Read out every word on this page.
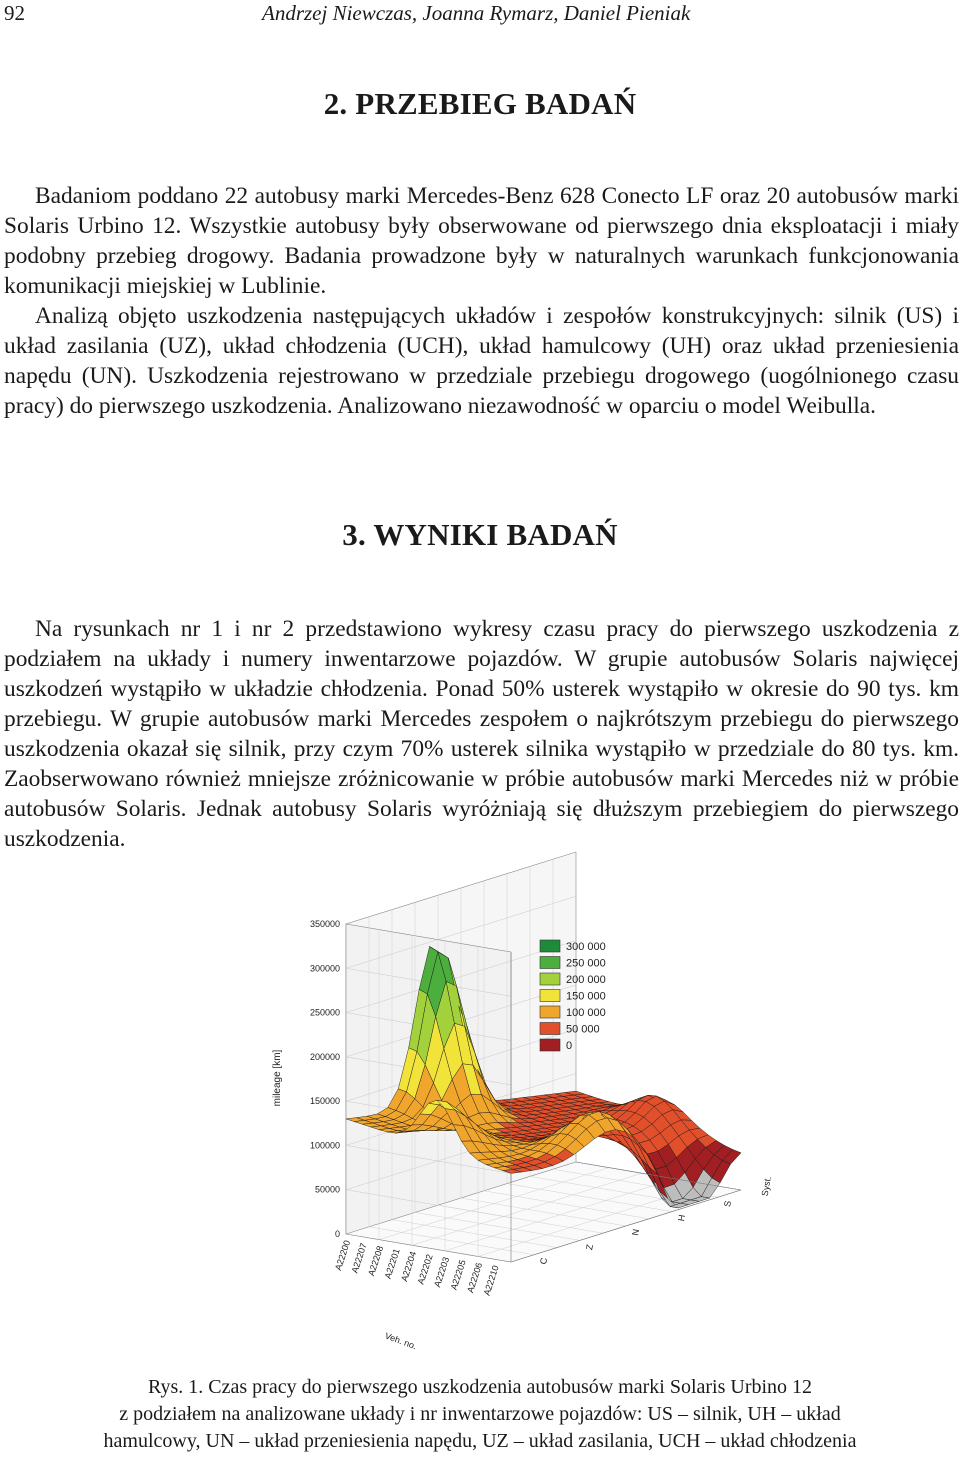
92	Andrzej Niewczas, Joanna Rymarz, Daniel Pieniak
2. PRZEBIEG BADAŃ

Badaniom poddano 22 autobusy marki Mercedes-Benz 628 Conecto LF oraz 20 autobusów marki Solaris Urbino 12. Wszystkie autobusy były obserwowane od pierwszego dnia eksploatacji i miały podobny przebieg drogowy. Badania prowadzone były w naturalnych warunkach funkcjonowania komunikacji miejskiej w Lublinie.

Analizą objęto uszkodzenia następujących układów i zespołów konstrukcyjnych: silnik (US) i układ zasilania (UZ), układ chłodzenia (UCH), układ hamulcowy (UH) oraz układ przeniesienia napędu (UN). Uszkodzenia rejestrowano w przedziale przebiegu drogowego (uogólnionego czasu pracy) do pierwszego uszkodzenia. Analizowano niezawodność w oparciu o model Weibulla.

3. WYNIKI BADAŃ

Na rysunkach nr 1 i nr 2 przedstawiono wykresy czasu pracy do pierwszego uszkodzenia z podziałem na układy i numery inwentarzowe pojazdów. W grupie autobusów Solaris najwięcej uszkodzeń wystąpiło w układzie chłodzenia. Ponad 50% usterek wystąpiło w okresie do 90 tys. km przebiegu. W grupie autobusów marki Mercedes zespołem o najkrótszym przebiegu do pierwszego uszkodzenia okazał się silnik, przy czym 70% usterek silnika wystąpiło w przedziale do 80 tys. km. Zaobserwowano również mniejsze zróżnicowanie w próbie autobusów marki Mercedes niż w próbie autobusów Solaris. Jednak autobusy Solaris wyróżniają się dłuższym przebiegiem do pierwszego uszkodzenia.

350000
300000
250000
200000
150000
100000
50000
0
mileage [km]
A22200
A22207
A22208
A22201
A22204
A22202
A22203
A22205
A22206
A22210
Veh. no.
C
Z
N
H
S
Syst.
300 000
250 000
200 000
150 000
100 000
50 000
0
Rys. 1. Czas pracy do pierwszego uszkodzenia autobusów marki Solaris Urbino 12
z podziałem na analizowane układy i nr inwentarzowe pojazdów: US – silnik, UH – układ
hamulcowy, UN – układ przeniesienia napędu, UZ – układ zasilania, UCH – układ chłodzenia
